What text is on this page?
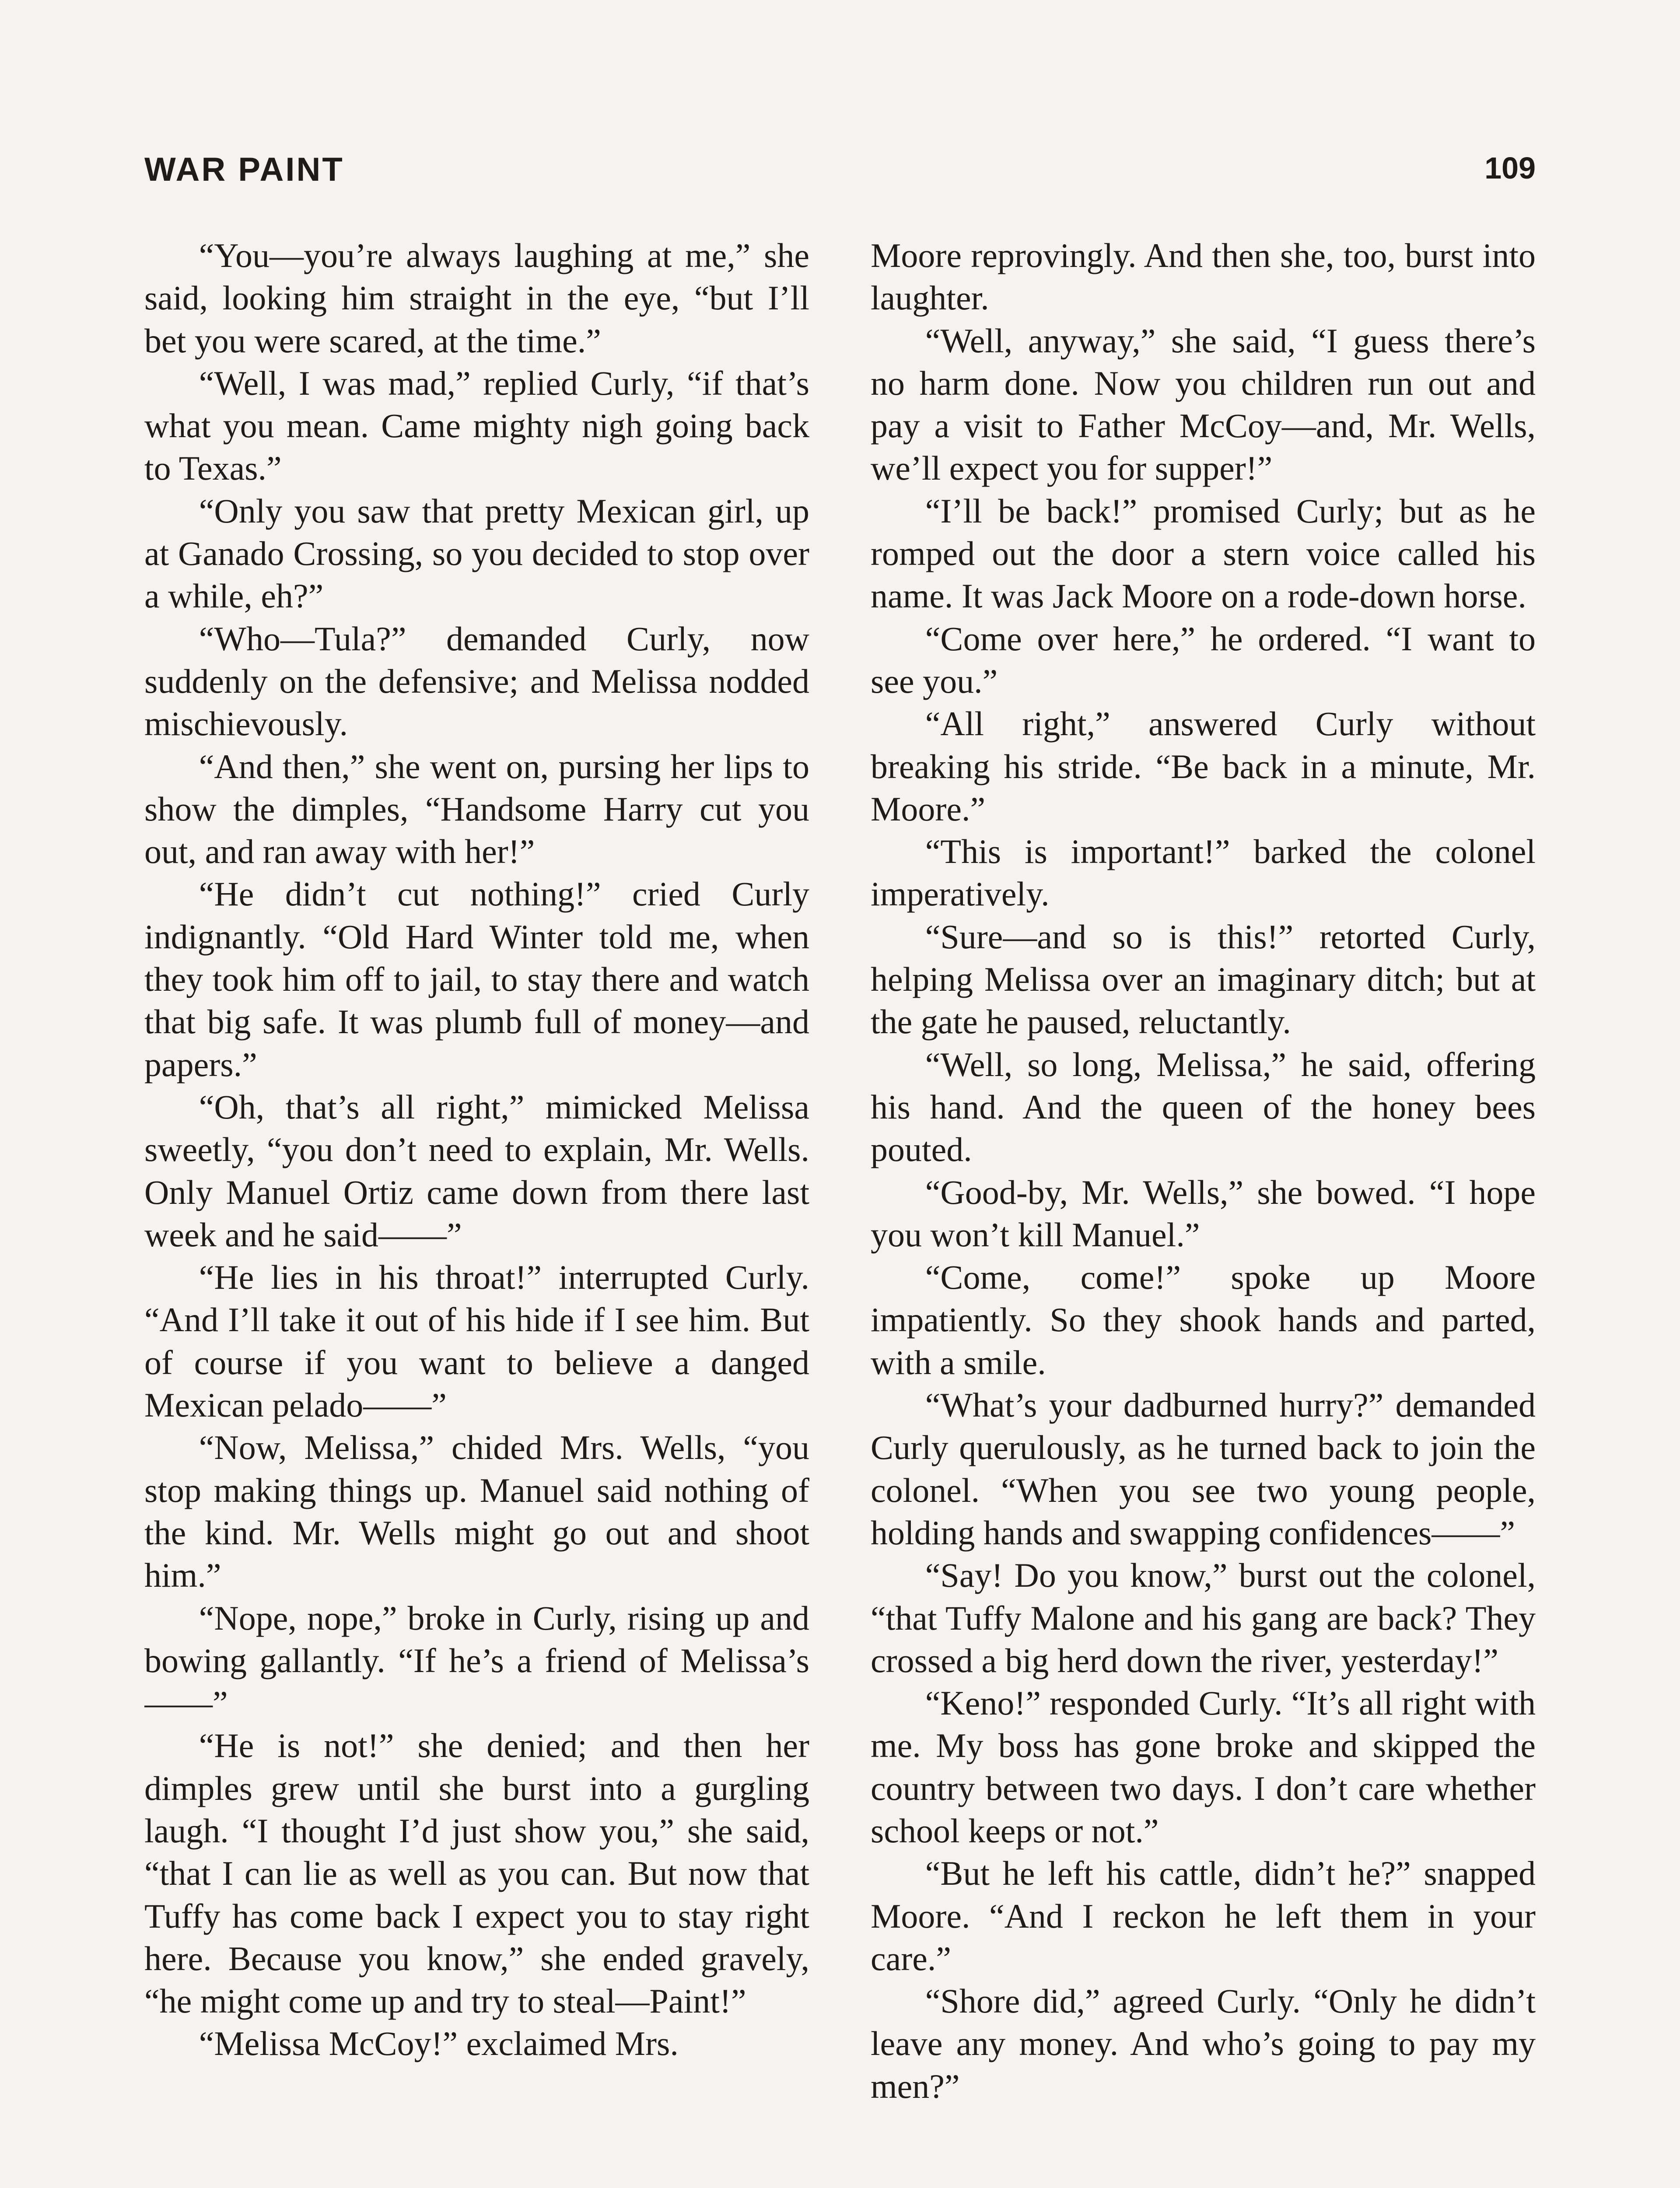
WAR PAINT	109

“You—you’re always laughing at me,” she said, looking him straight in the eye, “but I’ll bet you were scared, at the time.”

“Well, I was mad,” replied Curly, “if that’s what you mean. Came mighty nigh going back to Texas.”

“Only you saw that pretty Mexican girl, up at Ganado Crossing, so you decided to stop over a while, eh?”

“Who—Tula?” demanded Curly, now suddenly on the defensive; and Melissa nodded mischievously.

“And then,” she went on, pursing her lips to show the dimples, “Handsome Harry cut you out, and ran away with her!”

“He didn’t cut nothing!” cried Curly indignantly. “Old Hard Winter told me, when they took him off to jail, to stay there and watch that big safe. It was plumb full of money—and papers.”

“Oh, that’s all right,” mimicked Melissa sweetly, “you don’t need to explain, Mr. Wells. Only Manuel Ortiz came down from there last week and he said——”

“He lies in his throat!” interrupted Curly. “And I’ll take it out of his hide if I see him. But of course if you want to believe a danged Mexican pelado——”

“Now, Melissa,” chided Mrs. Wells, “you stop making things up. Manuel said nothing of the kind. Mr. Wells might go out and shoot him.”

“Nope, nope,” broke in Curly, rising up and bowing gallantly. “If he’s a friend of Melissa’s——”

“He is not!” she denied; and then her dimples grew until she burst into a gurgling laugh. “I thought I’d just show you,” she said, “that I can lie as well as you can. But now that Tuffy has come back I expect you to stay right here. Because you know,” she ended gravely, “he might come up and try to steal—Paint!”

“Melissa McCoy!” exclaimed Mrs.

Moore reprovingly. And then she, too, burst into laughter.

“Well, anyway,” she said, “I guess there’s no harm done. Now you children run out and pay a visit to Father McCoy—and, Mr. Wells, we’ll expect you for supper!”

“I’ll be back!” promised Curly; but as he romped out the door a stern voice called his name. It was Jack Moore on a rode-down horse.

“Come over here,” he ordered. “I want to see you.”

“All right,” answered Curly without breaking his stride. “Be back in a minute, Mr. Moore.”

“This is important!” barked the colonel imperatively.

“Sure—and so is this!” retorted Curly, helping Melissa over an imaginary ditch; but at the gate he paused, reluctantly.

“Well, so long, Melissa,” he said, offering his hand. And the queen of the honey bees pouted.

“Good-by, Mr. Wells,” she bowed. “I hope you won’t kill Manuel.”

“Come, come!” spoke up Moore impatiently. So they shook hands and parted, with a smile.

“What’s your dadburned hurry?” demanded Curly querulously, as he turned back to join the colonel. “When you see two young people, holding hands and swapping confidences——”

“Say! Do you know,” burst out the colonel, “that Tuffy Malone and his gang are back? They crossed a big herd down the river, yesterday!”

“Keno!” responded Curly. “It’s all right with me. My boss has gone broke and skipped the country between two days. I don’t care whether school keeps or not.”

“But he left his cattle, didn’t he?” snapped Moore. “And I reckon he left them in your care.”

“Shore did,” agreed Curly. “Only he didn’t leave any money. And who’s going to pay my men?”
